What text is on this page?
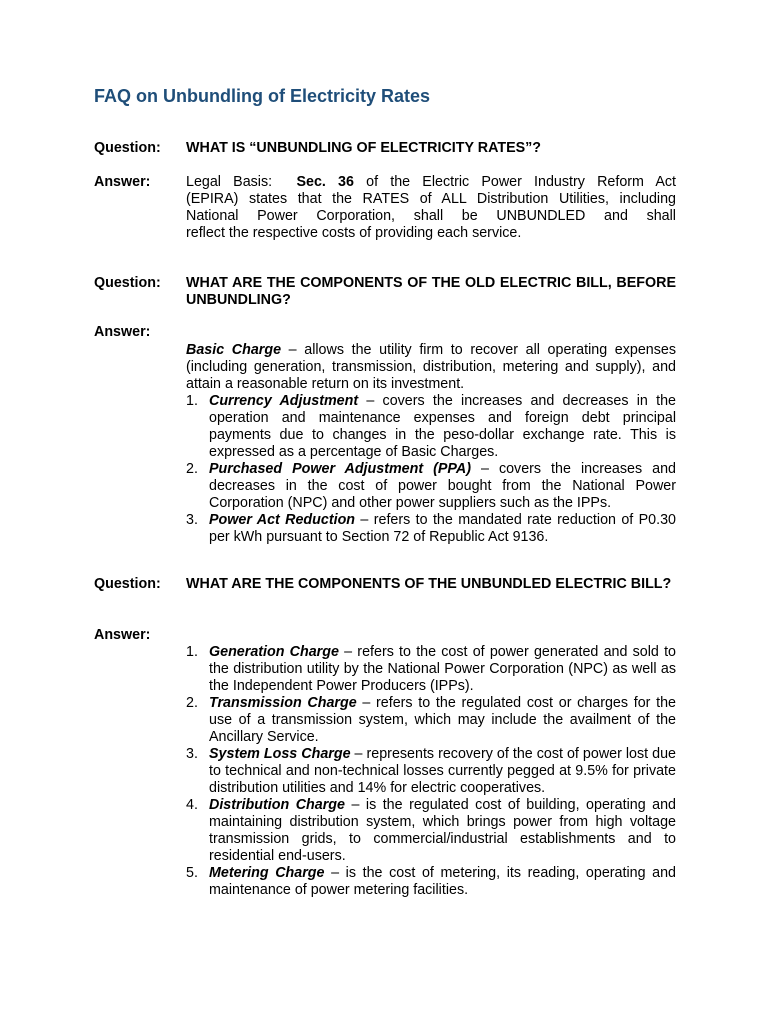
FAQ on Unbundling of Electricity Rates
Question: WHAT IS “UNBUNDLING OF ELECTRICITY RATES”?
Answer: Legal Basis: Sec. 36 of the Electric Power Industry Reform Act
(EPIRA) states that the RATES of ALL Distribution Utilities, including
National Power Corporation, shall be UNBUNDLED and shall
reflect the respective costs of providing each service.
Question: WHAT ARE THE COMPONENTS OF THE OLD ELECTRIC BILL, BEFORE UNBUNDLING?
Answer:
Basic Charge – allows the utility firm to recover all operating expenses (including generation, transmission, distribution, metering and supply), and attain a reasonable return on its investment.
1. Currency Adjustment – covers the increases and decreases in the operation and maintenance expenses and foreign debt principal payments due to changes in the peso-dollar exchange rate. This is expressed as a percentage of Basic Charges.
2. Purchased Power Adjustment (PPA) – covers the increases and decreases in the cost of power bought from the National Power Corporation (NPC) and other power suppliers such as the IPPs.
3. Power Act Reduction – refers to the mandated rate reduction of P0.30 per kWh pursuant to Section 72 of Republic Act 9136.
Question: WHAT ARE THE COMPONENTS OF THE UNBUNDLED ELECTRIC BILL?
Answer:
1. Generation Charge – refers to the cost of power generated and sold to the distribution utility by the National Power Corporation (NPC) as well as the Independent Power Producers (IPPs).
2. Transmission Charge – refers to the regulated cost or charges for the use of a transmission system, which may include the availment of the Ancillary Service.
3. System Loss Charge – represents recovery of the cost of power lost due to technical and non-technical losses currently pegged at 9.5% for private distribution utilities and 14% for electric cooperatives.
4. Distribution Charge – is the regulated cost of building, operating and maintaining distribution system, which brings power from high voltage transmission grids, to commercial/industrial establishments and to residential end-users.
5. Metering Charge – is the cost of metering, its reading, operating and maintenance of power metering facilities.
